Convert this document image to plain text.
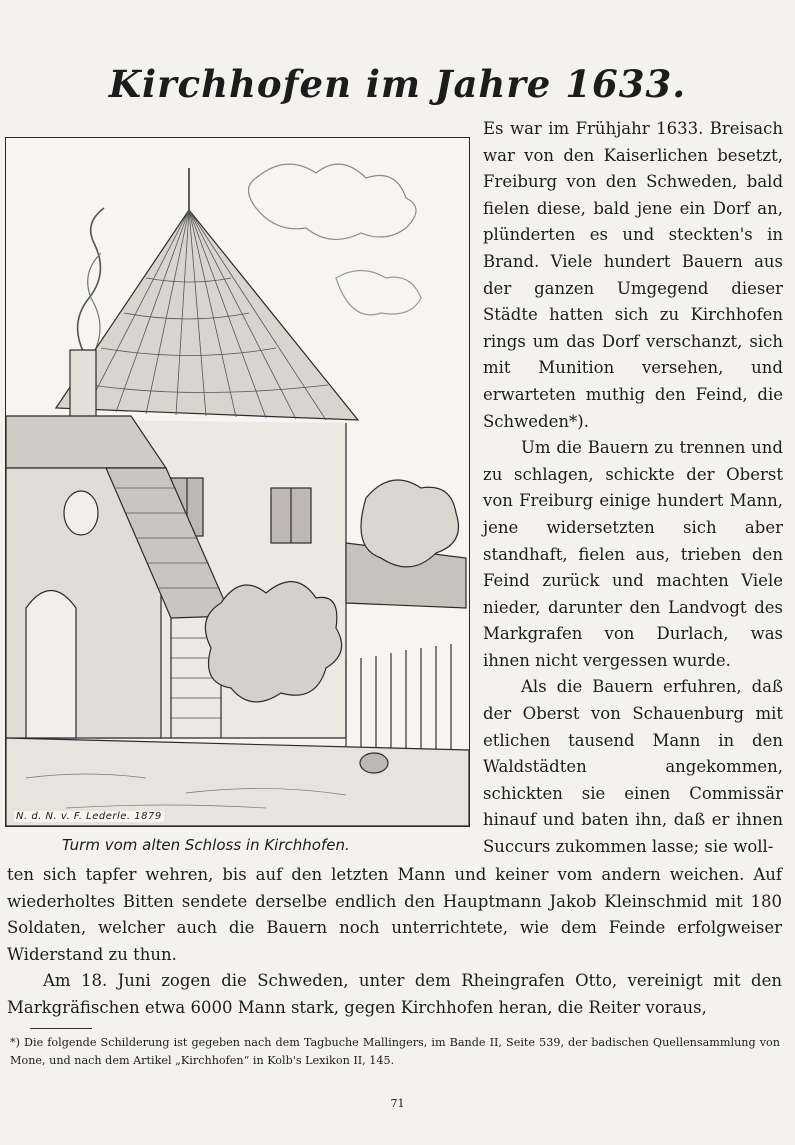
Kirchhofen im Jahre 1633.
N. d. N. v. F. Lederle. 1879
Turm vom alten Schloss in Kirchhofen.

Es war im Frühjahr 1633. Breisach war von den Kaiserlichen besetzt, Freiburg von den Schweden, bald fielen diese, bald jene ein Dorf an, plünderten es und steckten's in Brand. Viele hundert Bauern aus der ganzen Umgegend dieser Städte hatten sich zu Kirchhofen rings um das Dorf verschanzt, sich mit Munition versehen, und erwarteten muthig den Feind, die Schweden*).

Um die Bauern zu trennen und zu schlagen, schickte der Oberst von Freiburg einige hundert Mann, jene widersetzten sich aber standhaft, fielen aus, trieben den Feind zurück und machten Viele nieder, darunter den Landvogt des Markgrafen von Durlach, was ihnen nicht vergessen wurde.

Als die Bauern erfuhren, daß der Oberst von Schauenburg mit etlichen tausend Mann in den Waldstädten angekommen, schickten sie einen Commissär hinauf und baten ihn, daß er ihnen Succurs zukommen lasse; sie woll-

ten sich tapfer wehren, bis auf den letzten Mann und keiner vom andern weichen. Auf wiederholtes Bitten sendete derselbe endlich den Hauptmann Jakob Kleinschmid mit 180 Soldaten, welcher auch die Bauern noch unterrichtete, wie dem Feinde erfolgweiser Widerstand zu thun.

Am 18. Juni zogen die Schweden, unter dem Rheingrafen Otto, vereinigt mit den Markgräfischen etwa 6000 Mann stark, gegen Kirchhofen heran, die Reiter voraus,

*) Die folgende Schilderung ist gegeben nach dem Tagbuche Mallingers, im Bande II, Seite 539, der badischen Quellensammlung von Mone, und nach dem Artikel „Kirchhofen“ in Kolb's Lexikon II, 145.
71
